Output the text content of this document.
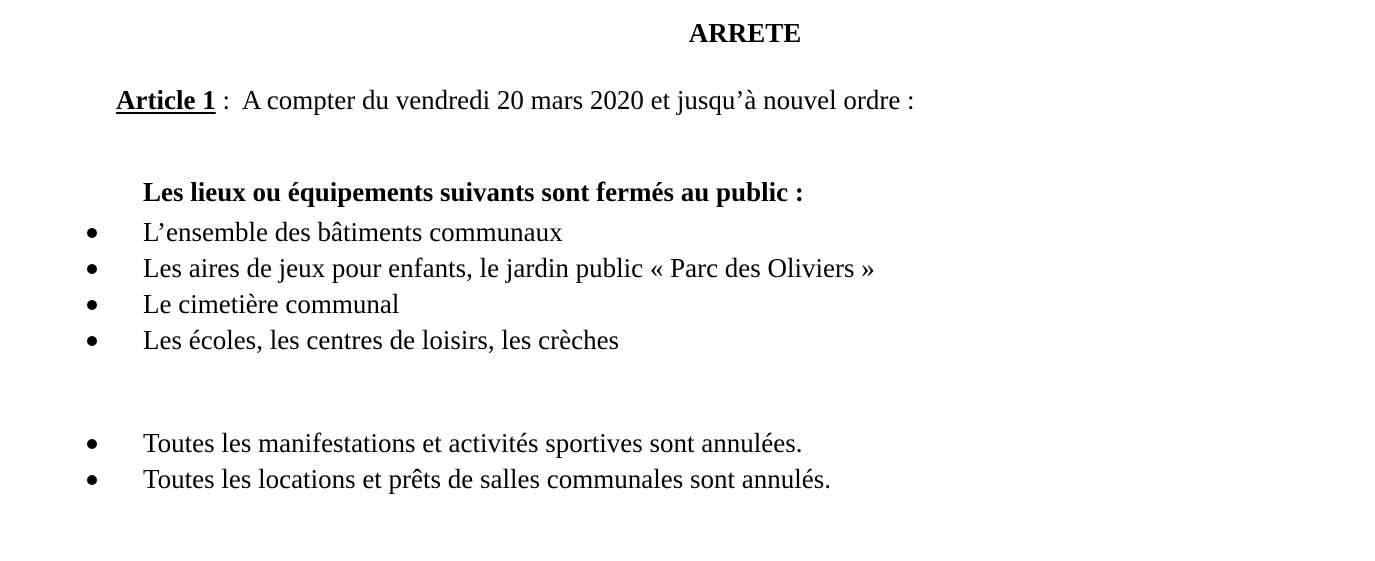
ARRETE
Article 1 :  A compter du vendredi 20 mars 2020 et jusqu’à nouvel ordre :
Les lieux ou équipements suivants sont fermés au public :
L’ensemble des bâtiments communaux
Les aires de jeux pour enfants, le jardin public « Parc des Oliviers »
Le cimetière communal
Les écoles, les centres de loisirs, les crèches
Toutes les manifestations et activités sportives sont annulées.
Toutes les locations et prêts de salles communales sont annulés.
